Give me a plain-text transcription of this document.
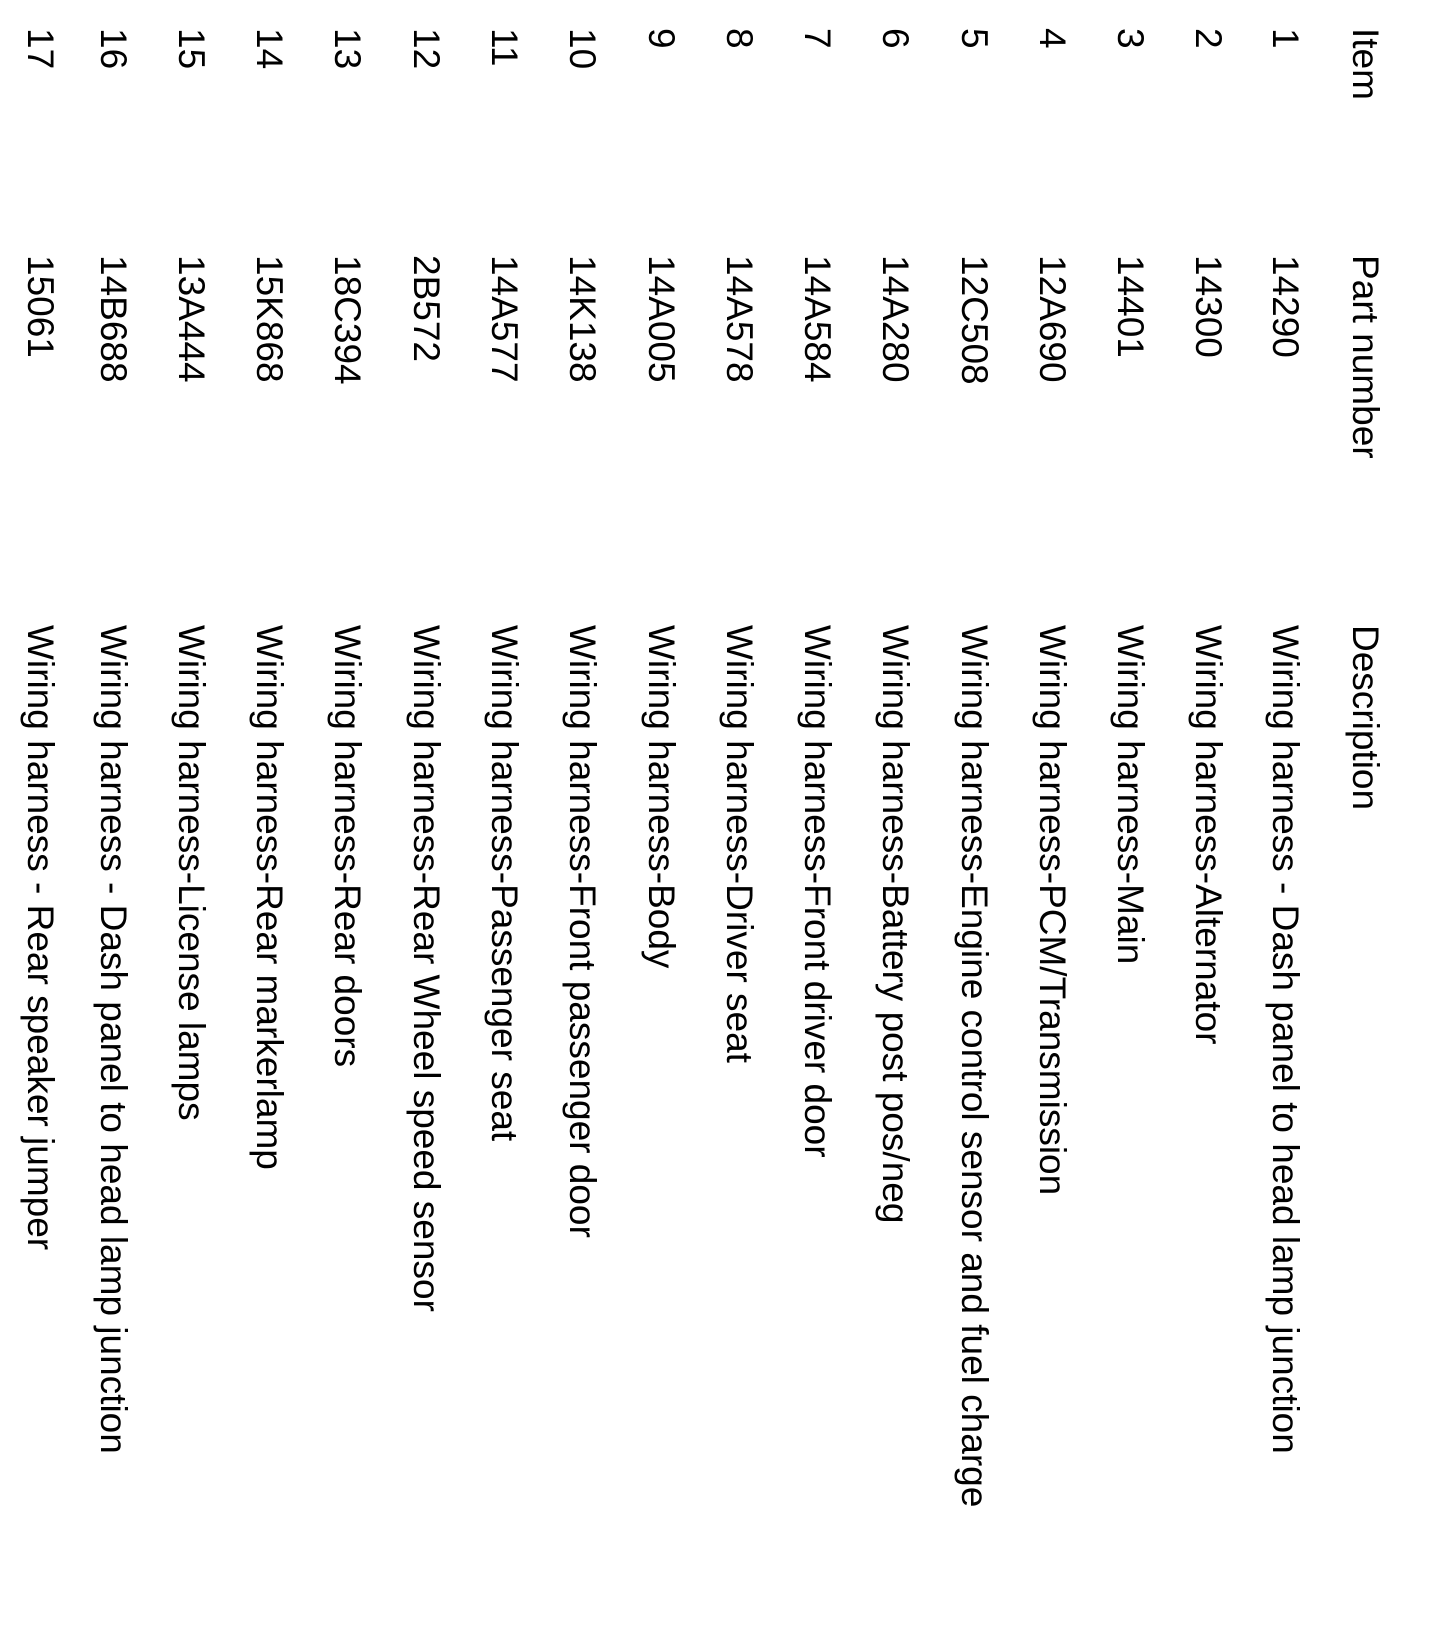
Item
Part number
Description
1
14290
Wiring harness - Dash panel to head lamp junction
2
14300
Wiring harness-Alternator
3
14401
Wiring harness-Main
4
12A690
Wiring harness-PCM/Transmission
5
12C508
Wiring harness-Engine control sensor and fuel charge
6
14A280
Wiring harness-Battery post pos/neg
7
14A584
Wiring harness-Front driver door
8
14A578
Wiring harness-Driver seat
9
14A005
Wiring harness-Body
10
14K138
Wiring harness-Front passenger door
11
14A577
Wiring harness-Passenger seat
12
2B572
Wiring harness-Rear Wheel speed sensor
13
18C394
Wiring harness-Rear doors
14
15K868
Wiring harness-Rear markerlamp
15
13A444
Wiring harness-License lamps
16
14B688
Wiring harness - Dash panel to head lamp junction
17
15061
Wiring harness - Rear speaker jumper
